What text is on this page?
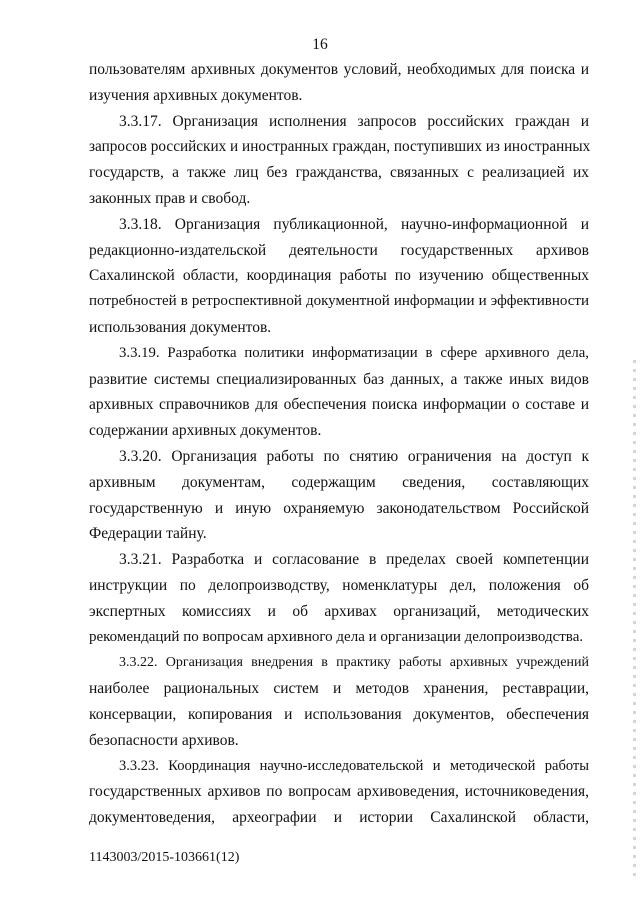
16

пользователям архивных документов условий, необходимых для поиска и
изучения архивных документов.

3.3.17. Организация исполнения запросов российских граждан и
запросов российских и иностранных граждан, поступивших из иностранных
государств, а также лиц без гражданства, связанных с реализацией их
законных прав и свобод.

3.3.18. Организация публикационной, научно-информационной и
редакционно-издательской деятельности государственных архивов
Сахалинской области, координация работы по изучению общественных
потребностей в ретроспективной документной информации и эффективности
использования документов.

3.3.19. Разработка политики информатизации в сфере архивного дела,
развитие системы специализированных баз данных, а также иных видов
архивных справочников для обеспечения поиска информации о составе и
содержании архивных документов.

3.3.20. Организация работы по снятию ограничения на доступ к
архивным документам, содержащим сведения, составляющих
государственную и иную охраняемую законодательством Российской
Федерации тайну.

3.3.21. Разработка и согласование в пределах своей компетенции
инструкции по делопроизводству, номенклатуры дел, положения об
экспертных комиссиях и об архивах организаций, методических
рекомендаций по вопросам архивного дела и организации делопроизводства.

3.3.22. Организация внедрения в практику работы архивных учреждений
наиболее рациональных систем и методов хранения, реставрации,
консервации, копирования и использования документов, обеспечения
безопасности архивов.

3.3.23. Координация научно-исследовательской и методической работы
государственных архивов по вопросам архивоведения, источниковедения,
документоведения, археографии и истории Сахалинской области,

1143003/2015-103661(12)
